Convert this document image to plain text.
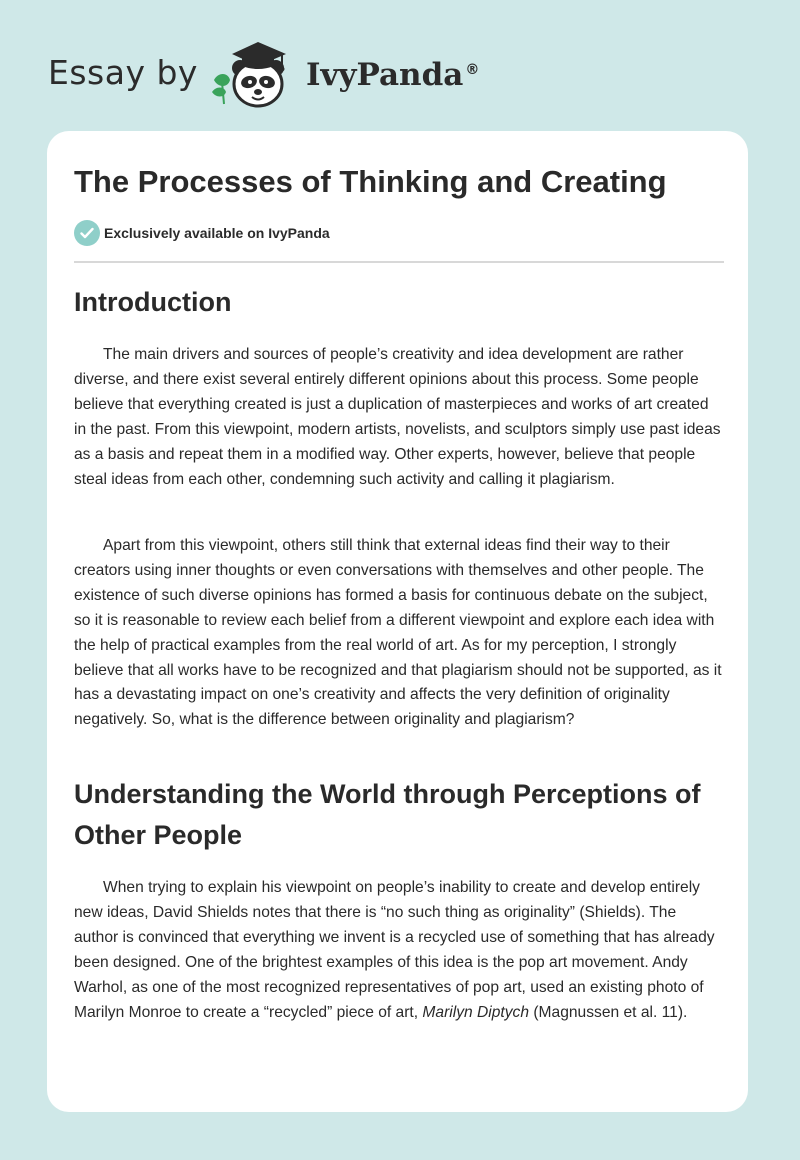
Essay by	IvyPanda ®
The Processes of Thinking and Creating
Exclusively available on IvyPanda
Introduction

The main drivers and sources of people’s creativity and idea development are rather diverse, and there exist several entirely different opinions about this process. Some people believe that everything created is just a duplication of masterpieces and works of art created in the past. From this viewpoint, modern artists, novelists, and sculptors simply use past ideas as a basis and repeat them in a modified way. Other experts, however, believe that people steal ideas from each other, condemning such activity and calling it plagiarism.

Apart from this viewpoint, others still think that external ideas find their way to their creators using inner thoughts or even conversations with themselves and other people. The existence of such diverse opinions has formed a basis for continuous debate on the subject, so it is reasonable to review each belief from a different viewpoint and explore each idea with the help of practical examples from the real world of art. As for my perception, I strongly believe that all works have to be recognized and that plagiarism should not be supported, as it has a devastating impact on one’s creativity and affects the very definition of originality negatively. So, what is the difference between originality and plagiarism?

Understanding the World through Perceptions of Other People

When trying to explain his viewpoint on people’s inability to create and develop entirely new ideas, David Shields notes that there is “no such thing as originality” (Shields). The author is convinced that everything we invent is a recycled use of something that has already been designed. One of the brightest examples of this idea is the pop art movement. Andy Warhol, as one of the most recognized representatives of pop art, used an existing photo of Marilyn Monroe to create a “recycled” piece of art, Marilyn Diptych (Magnussen et al. 11).
